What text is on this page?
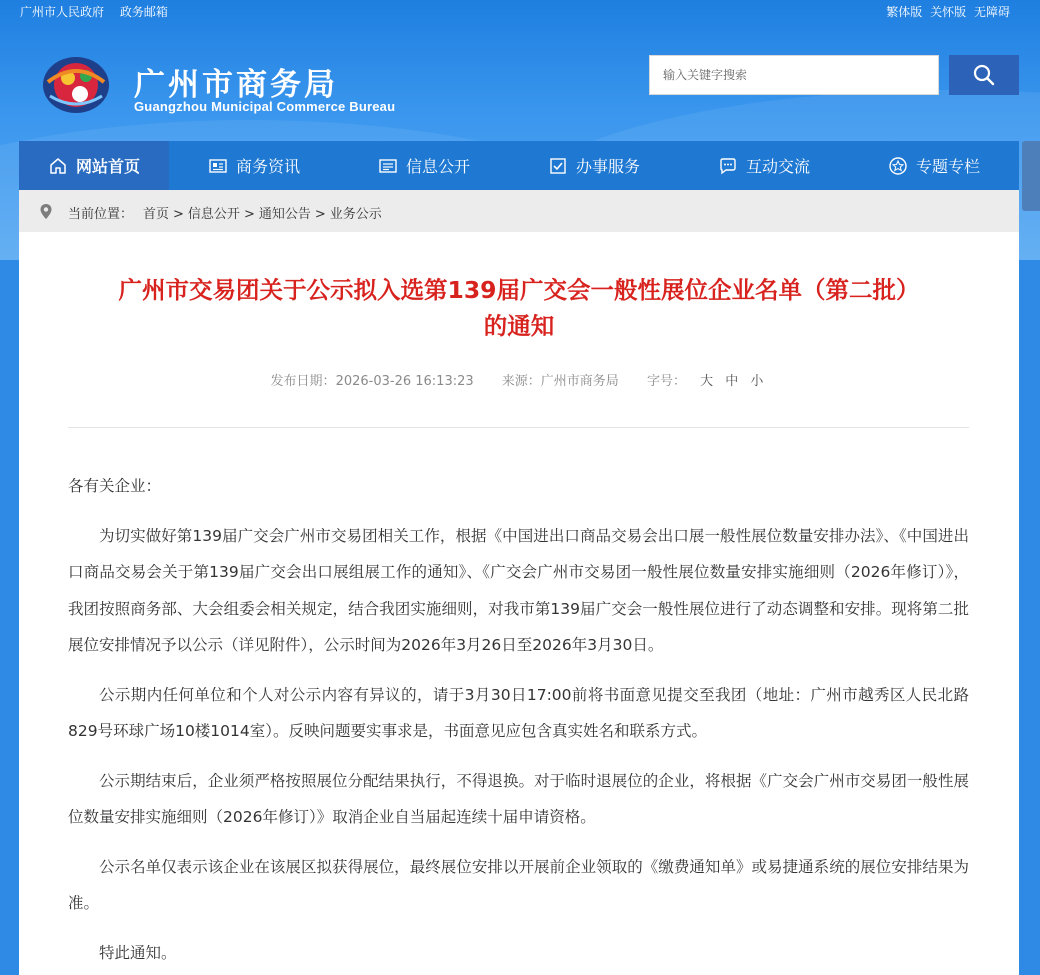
广州市人民政府 政务邮箱	繁体版 关怀版 无障碍
广州市商务局
Guangzhou Municipal Commerce Bureau
输入关键字搜索
网站首页	商务资讯	信息公开	办事服务	互动交流	专题专栏
当前位置： 首页 > 信息公开 > 通知公告 > 业务公示
广州市交易团关于公示拟入选第139届广交会一般性展位企业名单（第二批）
的通知
发布日期：2026-03-26 16:13:23 来源：广州市商务局 字号： 大 中 小

各有关企业：

为切实做好第139届广交会广州市交易团相关工作，根据《中国进出口商品交易会出口展一般性展位数量安排办法》、《中国进出口商品交易会关于第139届广交会出口展组展工作的通知》、《广交会广州市交易团一般性展位数量安排实施细则（2026年修订）》，我团按照商务部、大会组委会相关规定，结合我团实施细则，对我市第139届广交会一般性展位进行了动态调整和安排。现将第二批展位安排情况予以公示（详见附件），公示时间为2026年3月26日至2026年3月30日。

公示期内任何单位和个人对公示内容有异议的，请于3月30日17:00前将书面意见提交至我团（地址：广州市越秀区人民北路829号环球广场10楼1014室）。反映问题要实事求是，书面意见应包含真实姓名和联系方式。

公示期结束后，企业须严格按照展位分配结果执行，不得退换。对于临时退展位的企业，将根据《广交会广州市交易团一般性展位数量安排实施细则（2026年修订）》取消企业自当届起连续十届申请资格。

公示名单仅表示该企业在该展区拟获得展位，最终展位安排以开展前企业领取的《缴费通知单》或易捷通系统的展位安排结果为准。

特此通知。
